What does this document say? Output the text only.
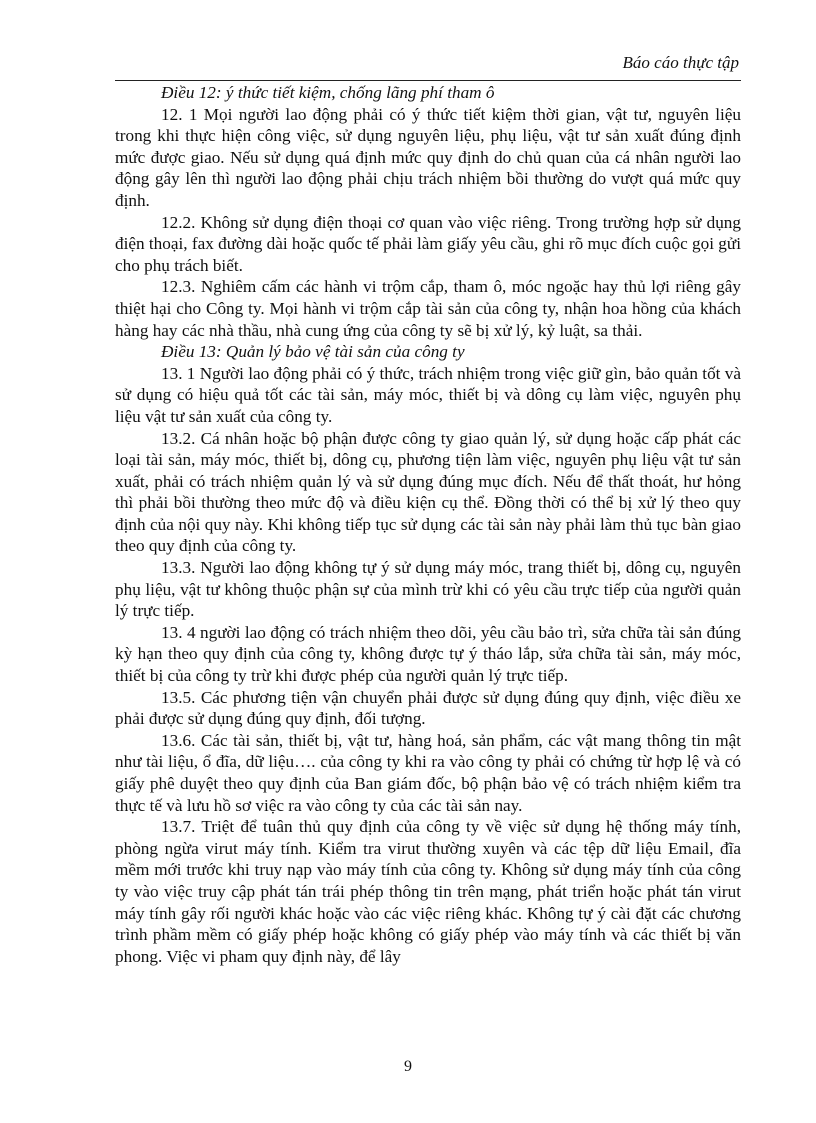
Báo cáo thực tập

Điều 12: ý thức tiết kiệm, chống lãng phí tham ô

12. 1 Mọi người lao động phải có ý thức tiết kiệm thời gian, vật tư, nguyên liệu trong khi thực hiện công việc, sử dụng nguyên liệu, phụ liệu, vật tư sản xuất đúng định mức được giao. Nếu sử dụng quá định mức quy định do chủ quan của cá nhân người lao động gây lên thì người lao động phải chịu trách nhiệm bồi thường do vượt quá mức quy định.

12.2. Không sử dụng điện thoại cơ quan vào việc riêng. Trong trường hợp sử dụng điện thoại, fax đường dài hoặc quốc tế phải làm giấy yêu cầu, ghi rõ mục đích cuộc gọi gửi cho phụ trách biết.

12.3. Nghiêm cấm các hành vi trộm cắp, tham ô, móc ngoặc hay thủ lợi riêng gây thiệt hại cho Công ty. Mọi hành vi trộm cắp tài sản của công ty, nhận hoa hồng của khách hàng hay các nhà thầu, nhà cung ứng của công ty sẽ bị xử lý, kỷ luật, sa thải.

Điều 13: Quản lý bảo vệ tài sản của công ty

13. 1 Người lao động phải có ý thức, trách nhiệm trong việc giữ gìn, bảo quản tốt và sử dụng có hiệu quả tốt các tài sản, máy móc, thiết bị và dông cụ làm việc, nguyên phụ liệu vật tư sản xuất của công ty.

13.2. Cá nhân hoặc bộ phận được công ty giao quản lý, sử dụng hoặc cấp phát các loại tài sản, máy móc, thiết bị, dông cụ, phương tiện làm việc, nguyên phụ liệu vật tư sản xuất, phải có trách nhiệm quản lý và sử dụng đúng mục đích. Nếu để thất thoát, hư hỏng thì phải bồi thường theo mức độ và điều kiện cụ thể. Đồng thời có thể bị xử lý theo quy định của nội quy này. Khi không tiếp tục sử dụng các tài sản này phải làm thủ tục bàn giao theo quy định của công ty.

13.3. Người lao động không tự ý sử dụng máy móc, trang thiết bị, dông cụ, nguyên phụ liệu, vật tư không thuộc phận sự của mình trừ khi có yêu cầu trực tiếp của người quản lý trực tiếp.

13. 4 người lao động có trách nhiệm theo dõi, yêu cầu bảo trì, sửa chữa tài sản đúng kỳ hạn theo quy định của công ty, không được tự ý tháo lắp, sửa chữa tài sản, máy móc, thiết bị của công ty trừ khi được phép của người quản lý trực tiếp.

13.5. Các phương tiện vận chuyển phải được sử dụng đúng quy định, việc điều xe phải được sử dụng đúng quy định, đối tượng.

13.6. Các tài sản, thiết bị, vật tư, hàng hoá, sản phẩm, các vật mang thông tin mật như tài liệu, ổ đĩa, dữ liệu…. của công ty khi ra vào công ty phải có chứng từ hợp lệ và có giấy phê duyệt theo quy định của Ban giám đốc, bộ phận bảo vệ có trách nhiệm kiểm tra thực tế và lưu hồ sơ việc ra vào công ty của các tài sản nay.

13.7. Triệt để tuân thủ quy định của công ty về việc sử dụng hệ thống máy tính, phòng ngừa virut máy tính. Kiểm tra virut thường xuyên và các tệp dữ liệu Email, đĩa mềm mới trước khi truy nạp vào máy tính của công ty. Không sử dụng máy tính của công ty vào việc truy cập phát tán trái phép thông tin trên mạng, phát triển hoặc phát tán virut máy tính gây rối người khác hoặc vào các việc riêng khác. Không tự ý cài đặt các chương trình phầm mềm có giấy phép hoặc không có giấy phép vào máy tính và các thiết bị văn phong. Việc vi pham quy định này, để lây

9
